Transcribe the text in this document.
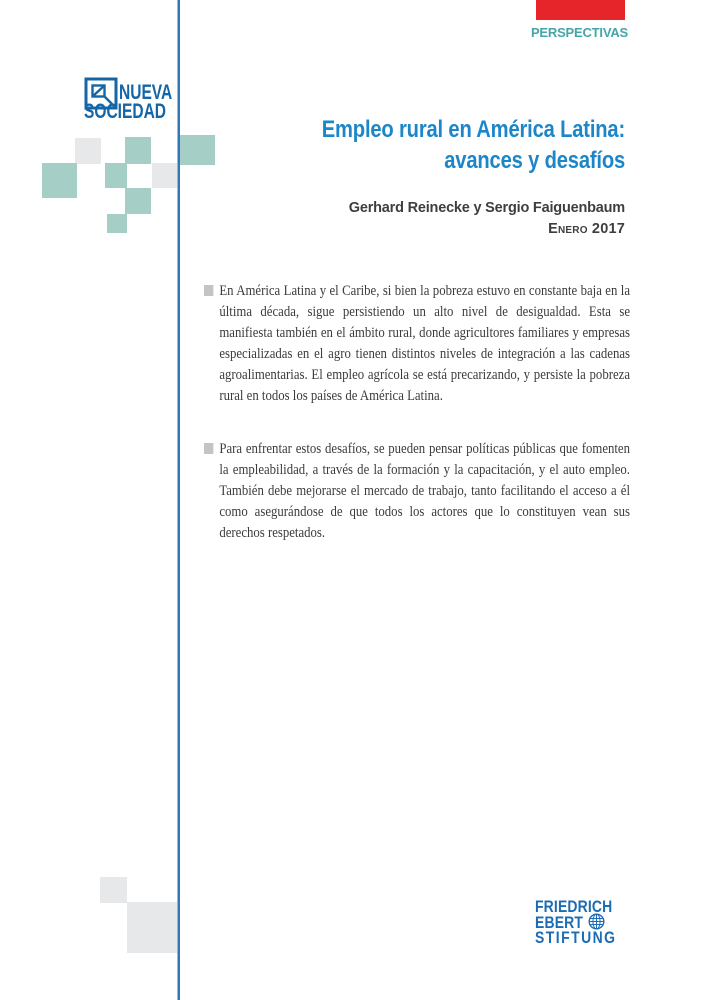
PERSPECTIVAS
NUEVA
SOCIEDAD
Empleo rural en América Latina:
avances y desafíos
Gerhard Reinecke y Sergio Faiguenbaum
Enero 2017
En América Latina y el Caribe, si bien la pobreza estuvo en constante baja en la última década, sigue persistiendo un alto nivel de desigualdad. Esta se manifiesta también en el ámbito rural, donde agricultores familiares y empresas especializadas en el agro tienen distintos niveles de integración a las cadenas agroalimentarias. El empleo agrícola se está precarizando, y persiste la pobreza rural en todos los países de América Latina.
Para enfrentar estos desafíos, se pueden pensar políticas públicas que fomenten la empleabilidad, a través de la formación y la capacitación, y el auto empleo. También debe mejorarse el mercado de trabajo, tanto facilitando el acceso a él como asegurándose de que todos los actores que lo constituyen vean sus derechos respetados.
FRIEDRICH
EBERT
STIFTUNG
